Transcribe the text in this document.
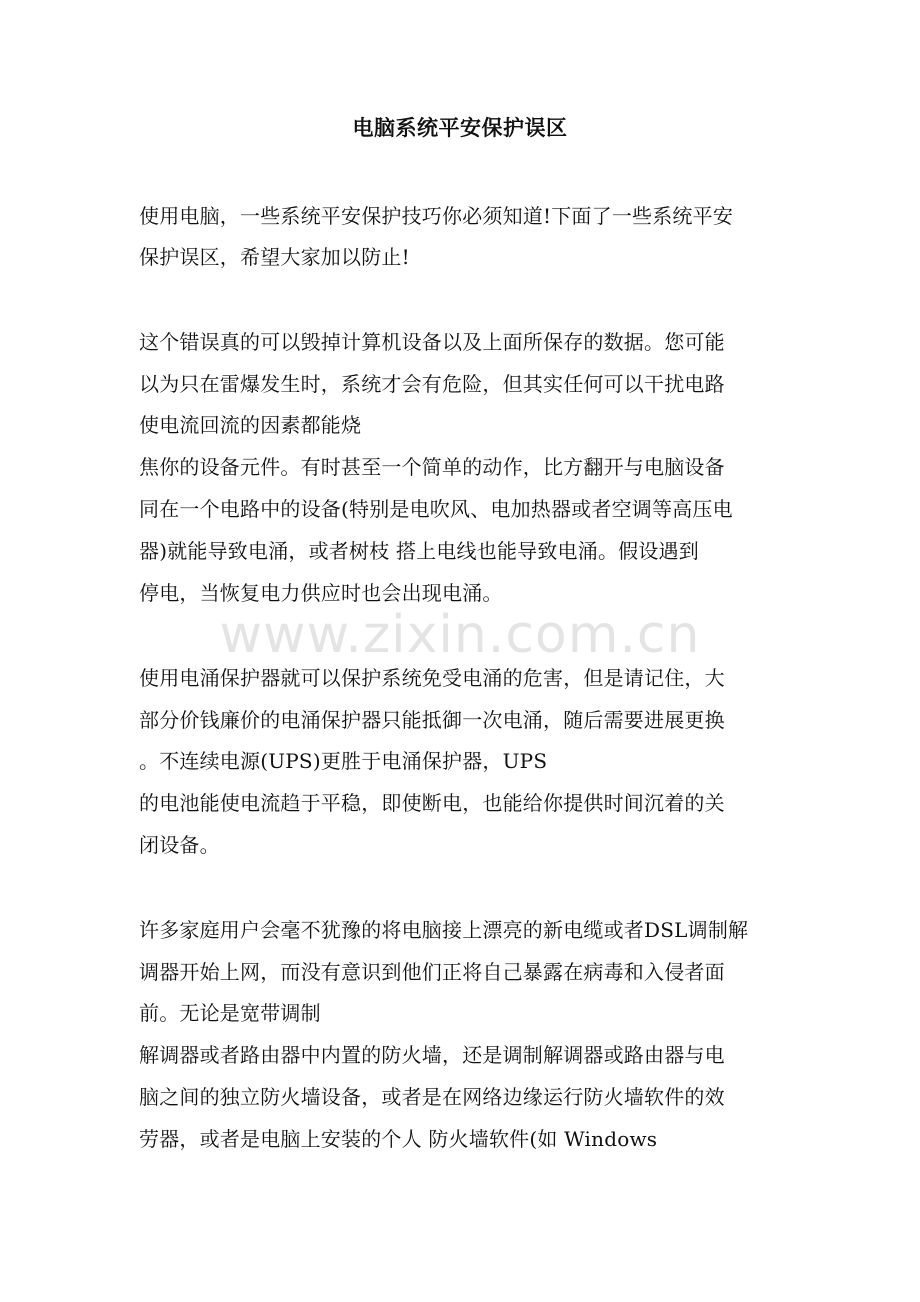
电脑系统平安保护误区
使用电脑，一些系统平安保护技巧你必须知道!下面了一些系统平安
保护误区，希望大家加以防止!
这个错误真的可以毁掉计算机设备以及上面所保存的数据。您可能
以为只在雷爆发生时，系统才会有危险，但其实任何可以干扰电路
使电流回流的因素都能烧
焦你的设备元件。有时甚至一个简单的动作，比方翻开与电脑设备
同在一个电路中的设备(特别是电吹风、电加热器或者空调等高压电
器)就能导致电涌，或者树枝 搭上电线也能导致电涌。假设遇到
停电，当恢复电力供应时也会出现电涌。
使用电涌保护器就可以保护系统免受电涌的危害，但是请记住，大
部分价钱廉价的电涌保护器只能抵御一次电涌，随后需要进展更换
。不连续电源(UPS)更胜于电涌保护器，UPS
的电池能使电流趋于平稳，即使断电，也能给你提供时间沉着的关
闭设备。
许多家庭用户会毫不犹豫的将电脑接上漂亮的新电缆或者DSL调制解
调器开始上网，而没有意识到他们正将自己暴露在病毒和入侵者面
前。无论是宽带调制
解调器或者路由器中内置的防火墙，还是调制解调器或路由器与电
脑之间的独立防火墙设备，或者是在网络边缘运行防火墙软件的效
劳器，或者是电脑上安装的个人 防火墙软件(如 Windows
www.zixin.com.cn
